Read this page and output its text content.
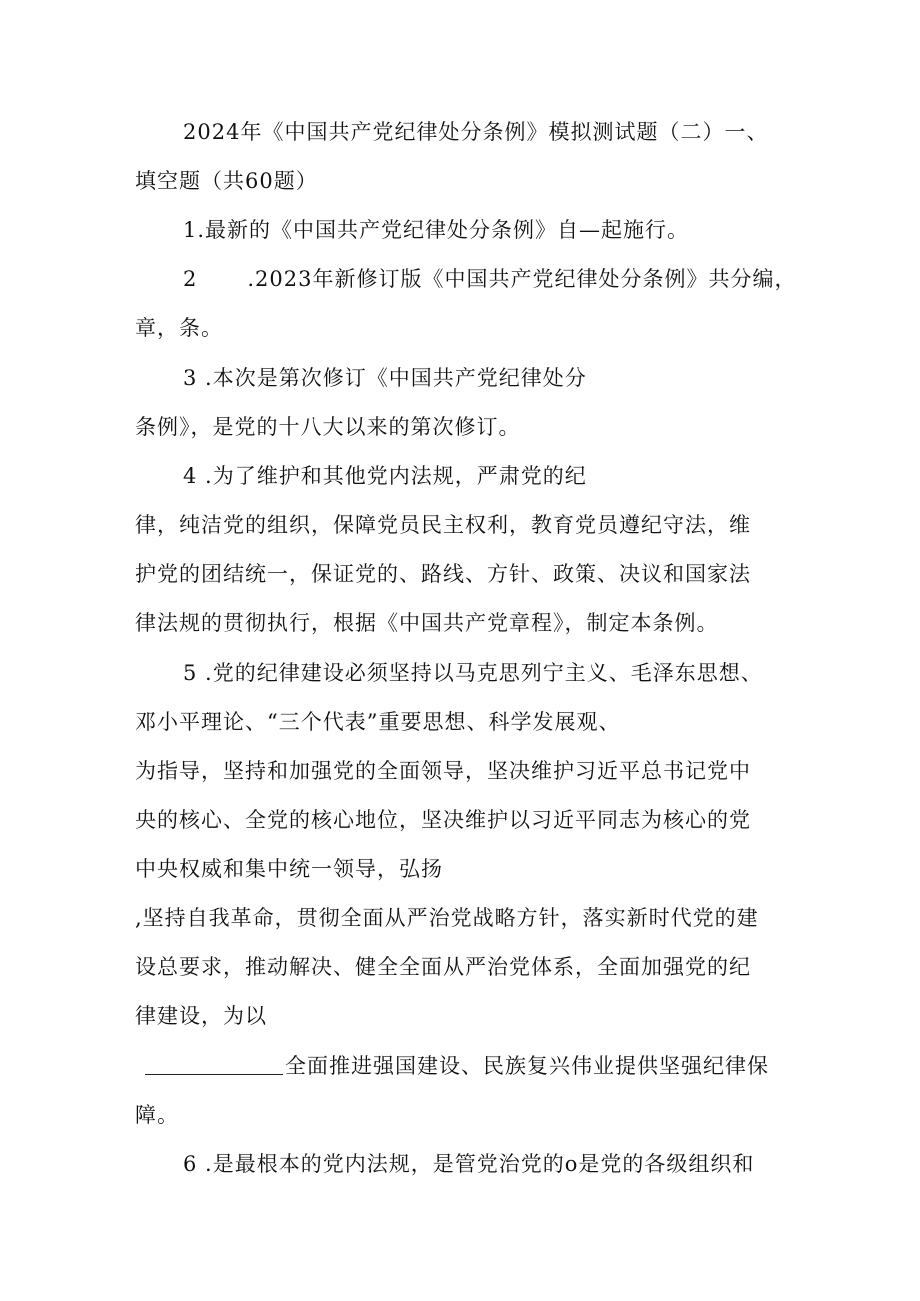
2024年《中国共产党纪律处分条例》模拟测试题（二）一、
填空题（共60题）
1.最新的《中国共产党纪律处分条例》自—起施行。
2 .2023年新修订版《中国共产党纪律处分条例》共分编，
章，条。
3 .本次是第次修订《中国共产党纪律处分
条例》，是党的十八大以来的第次修订。
4 .为了维护和其他党内法规，严肃党的纪
律，纯洁党的组织，保障党员民主权利，教育党员遵纪守法，维
护党的团结统一，保证党的、路线、方针、政策、决议和国家法
律法规的贯彻执行，根据《中国共产党章程》，制定本条例。
5 .党的纪律建设必须坚持以马克思列宁主义、毛泽东思想、
邓小平理论、“三个代表”重要思想、科学发展观、
为指导，坚持和加强党的全面领导，坚决维护习近平总书记党中
央的核心、全党的核心地位，坚决维护以习近平同志为核心的党
中央权威和集中统一领导，弘扬
,坚持自我革命，贯彻全面从严治党战略方针，落实新时代党的建
设总要求，推动解决、健全全面从严治党体系，全面加强党的纪
律建设，为以
全面推进强国建设、民族复兴伟业提供坚强纪律保
障。
6 .是最根本的党内法规，是管党治党的o是党的各级组织和
